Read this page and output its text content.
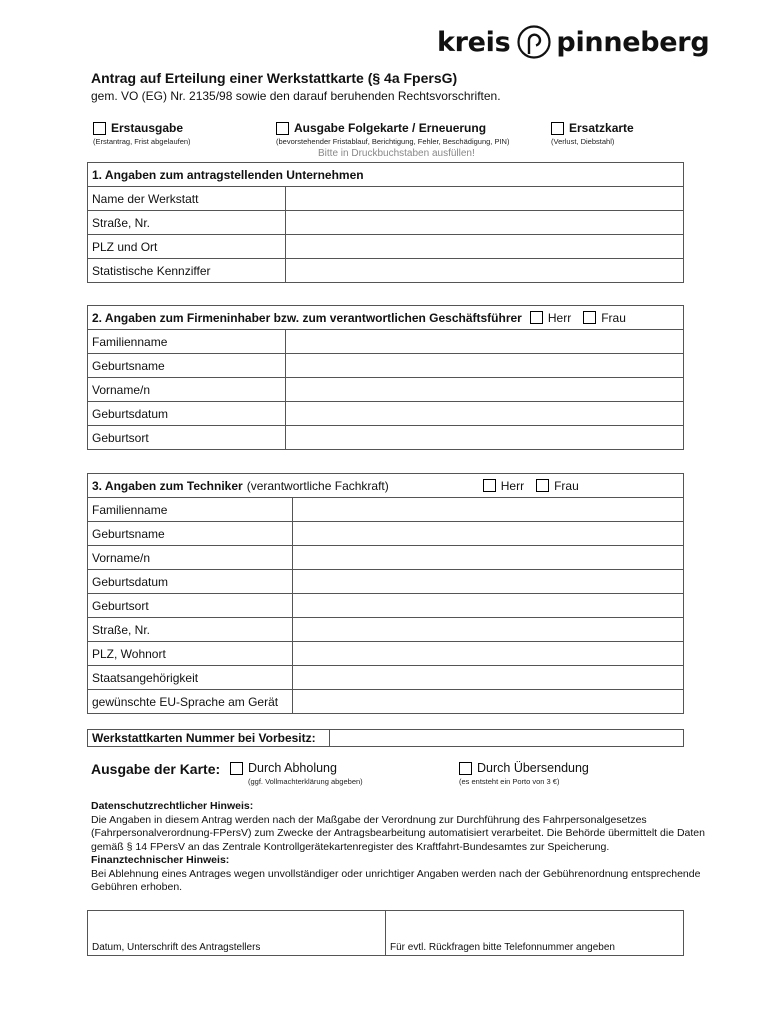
kreis pinneberg
Antrag auf Erteilung einer Werkstattkarte (§ 4a FpersG)
gem. VO (EG) Nr. 2135/98 sowie den darauf beruhenden Rechtsvorschriften.
Erstausgabe
(Erstantrag, Frist abgelaufen)
Ausgabe Folgekarte / Erneuerung
(bevorstehender Fristablauf, Berichtigung, Fehler, Beschädigung, PIN)
Ersatzkarte
(Verlust, Diebstahl)
Bitte in Druckbuchstaben ausfüllen!
1. Angaben zum antragstellenden Unternehmen	
Name der Werkstatt	
Straße, Nr.	
PLZ und Ort	
Statistische Kennziffer	
2. Angaben zum Firmeninhaber bzw. zum verantwortlichen Geschäftsführer Herr Frau	

Familienname	
Geburtsname	
Vorname/n	
Geburtsdatum	
Geburtsort	
3. Angaben zum Techniker (verantwortliche Fachkraft) Herr Frau	

Familienname	
Geburtsname	
Vorname/n	
Geburtsdatum	
Geburtsort	
Straße, Nr.	
PLZ, Wohnort	
Staatsangehörigkeit	
gewünschte EU-Sprache am Gerät	
Werkstattkarten Nummer bei Vorbesitz:	
Ausgabe der Karte: Durch Abholung
(ggf. Vollmachterklärung abgeben)
Durch Übersendung
(es entsteht ein Porto von 3 €)
Datenschutzrechtlicher Hinweis:
Die Angaben in diesem Antrag werden nach der Maßgabe der Verordnung zur Durchführung des Fahrpersonalgesetzes
(Fahrpersonalverordnung-FPersV) zum Zwecke der Antragsbearbeitung automatisiert verarbeitet. Die Behörde übermittelt die Daten
gemäß § 14 FPersV an das Zentrale Kontrollgerätekartenregister des Kraftfahrt-Bundesamtes zur Speicherung.
Finanztechnischer Hinweis:
Bei Ablehnung eines Antrages wegen unvollständiger oder unrichtiger Angaben werden nach der Gebührenordnung entsprechende
Gebühren erhoben.
Datum, Unterschrift des Antragstellers	Für evtl. Rückfragen bitte Telefonnummer angeben
